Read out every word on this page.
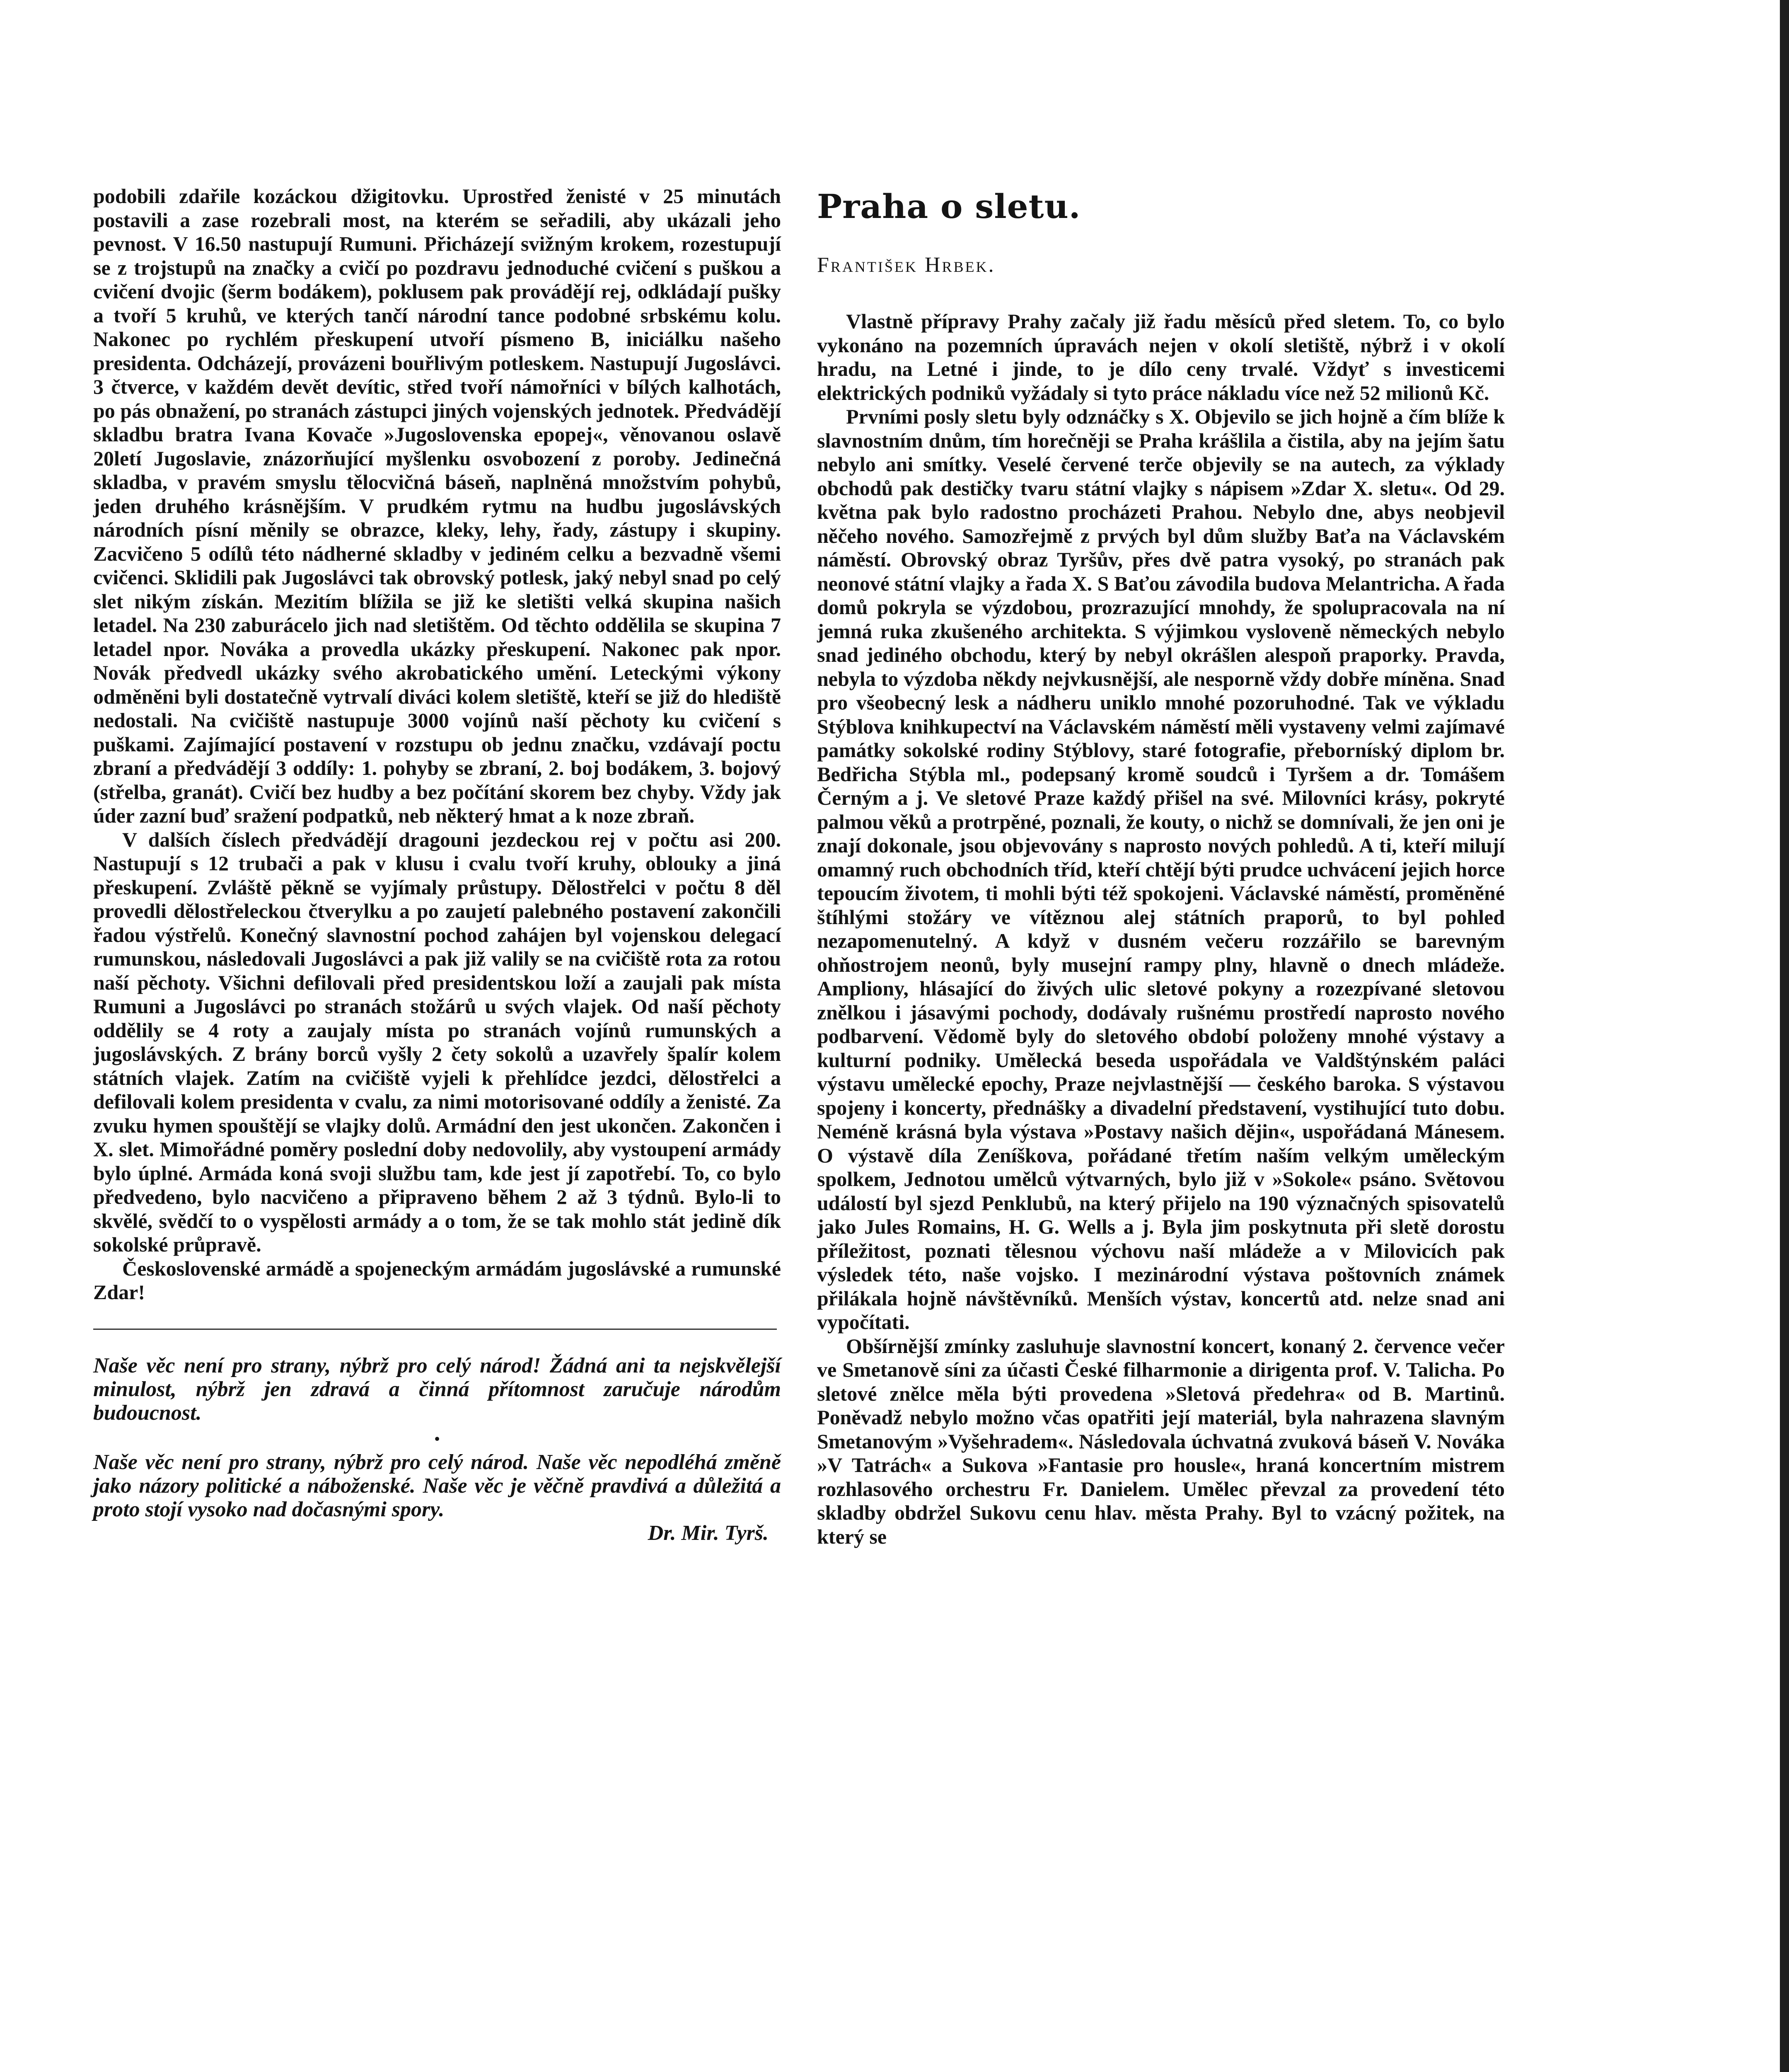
podobili zdařile kozáckou džigitovku. Uprostřed ženisté v 25 minutách postavili a zase rozebrali most, na kterém se seřadili, aby ukázali jeho pevnost. V 16.50 nastupují Rumuni. Přicházejí svižným krokem, rozestupují se z trojstupů na značky a cvičí po pozdravu jednoduché cvičení s puškou a cvičení dvojic (šerm bodákem), poklusem pak provádějí rej, odkládají pušky a tvoří 5 kruhů, ve kterých tančí národní tance podobné srbskému kolu. Nakonec po rychlém přeskupení utvoří písmeno B, iniciálku našeho presidenta. Odcházejí, provázeni bouřlivým potleskem. Nastupují Jugoslávci. 3 čtverce, v každém devět devític, střed tvoří námořníci v bílých kalhotách, po pás obnažení, po stranách zástupci jiných vojenských jednotek. Předvádějí skladbu bratra Ivana Kovače »Jugoslovenska epopej«, věnovanou oslavě 20letí Jugoslavie, znázorňující myšlenku osvobození z poroby. Jedinečná skladba, v pravém smyslu tělocvičná báseň, naplněná množstvím pohybů, jeden druhého krásnějším. V prudkém rytmu na hudbu jugoslávských národních písní měnily se obrazce, kleky, lehy, řady, zástupy i skupiny. Zacvičeno 5 odílů této nádherné skladby v jediném celku a bezvadně všemi cvičenci. Sklidili pak Jugoslávci tak obrovský potlesk, jaký nebyl snad po celý slet nikým získán. Mezitím blížila se již ke sletišti velká skupina našich letadel. Na 230 zaburácelo jich nad sletištěm. Od těchto oddělila se skupina 7 letadel npor. Nováka a provedla ukázky přeskupení. Nakonec pak npor. Novák předvedl ukázky svého akrobatického umění. Leteckými výkony odměněni byli dostatečně vytrvalí diváci kolem sletiště, kteří se již do hlediště nedostali. Na cvičiště nastupuje 3000 vojínů naší pěchoty ku cvičení s puškami. Zajímající postavení v rozstupu ob jednu značku, vzdávají poctu zbraní a předvádějí 3 oddíly: 1. pohyby se zbraní, 2. boj bodákem, 3. bojový (střelba, granát). Cvičí bez hudby a bez počítání skorem bez chyby. Vždy jak úder zazní buď sražení podpatků, neb některý hmat a k noze zbraň.

V dalších číslech předvádějí dragouni jezdeckou rej v počtu asi 200. Nastupují s 12 trubači a pak v klusu i cvalu tvoří kruhy, oblouky a jiná přeskupení. Zvláště pěkně se vyjímaly průstupy. Dělostřelci v počtu 8 děl provedli dělostřeleckou čtverylku a po zaujetí palebného postavení zakončili řadou výstřelů. Konečný slavnostní pochod zahájen byl vojenskou delegací rumunskou, následovali Jugoslávci a pak již valily se na cvičiště rota za rotou naší pěchoty. Všichni defilovali před presidentskou loží a zaujali pak místa Rumuni a Jugoslávci po stranách stožárů u svých vlajek. Od naší pěchoty oddělily se 4 roty a zaujaly místa po stranách vojínů rumunských a jugoslávských. Z brány borců vyšly 2 čety sokolů a uzavřely špalír kolem státních vlajek. Zatím na cvičiště vyjeli k přehlídce jezdci, dělostřelci a defilovali kolem presidenta v cvalu, za nimi motorisované oddíly a ženisté. Za zvuku hymen spouštějí se vlajky dolů. Armádní den jest ukončen. Zakončen i X. slet. Mimořádné poměry poslední doby nedovolily, aby vystoupení armády bylo úplné. Armáda koná svoji službu tam, kde jest jí zapotřebí. To, co bylo předvedeno, bylo nacvičeno a připraveno během 2 až 3 týdnů. Bylo-li to skvělé, svědčí to o vyspělosti armády a o tom, že se tak mohlo stát jedině dík sokolské průpravě.

Československé armádě a spojeneckým armádám jugoslávské a rumunské Zdar!

Naše věc není pro strany, nýbrž pro celý národ! Žádná ani ta nejskvělejší minulost, nýbrž jen zdravá a činná přítomnost zaručuje národům budoucnost.

•

Naše věc není pro strany, nýbrž pro celý národ. Naše věc nepodléhá změně jako názory politické a náboženské. Naše věc je věčně pravdivá a důležitá a proto stojí vysoko nad dočasnými spory.

Dr. Mir. Tyrš.

Praha o sletu.

František Hrbek.

Vlastně přípravy Prahy začaly již řadu měsíců před sletem. To, co bylo vykonáno na pozemních úpravách nejen v okolí sletiště, nýbrž i v okolí hradu, na Letné i jinde, to je dílo ceny trvalé. Vždyť s investicemi elektrických podniků vyžádaly si tyto práce nákladu více než 52 milionů Kč.

Prvními posly sletu byly odznáčky s X. Objevilo se jich hojně a čím blíže k slavnostním dnům, tím horečněji se Praha krášlila a čistila, aby na jejím šatu nebylo ani smítky. Veselé červené terče objevily se na autech, za výklady obchodů pak destičky tvaru státní vlajky s nápisem »Zdar X. sletu«. Od 29. května pak bylo radostno procházeti Prahou. Nebylo dne, abys neobjevil něčeho nového. Samozřejmě z prvých byl dům služby Baťa na Václavském náměstí. Obrovský obraz Tyršův, přes dvě patra vysoký, po stranách pak neonové státní vlajky a řada X. S Baťou závodila budova Melantricha. A řada domů pokryla se výzdobou, prozrazující mnohdy, že spolupracovala na ní jemná ruka zkušeného architekta. S výjimkou vysloveně německých nebylo snad jediného obchodu, který by nebyl okrášlen alespoň praporky. Pravda, nebyla to výzdoba někdy nejvkusnější, ale nesporně vždy dobře míněna. Snad pro všeobecný lesk a nádheru uniklo mnohé pozoruhodné. Tak ve výkladu Stýblova knihkupectví na Václavském náměstí měli vystaveny velmi zajímavé památky sokolské rodiny Stýblovy, staré fotografie, přeborníský diplom br. Bedřicha Stýbla ml., podepsaný kromě soudců i Tyršem a dr. Tomášem Černým a j. Ve sletové Praze každý přišel na své. Milovníci krásy, pokryté palmou věků a protrpěné, poznali, že kouty, o nichž se domnívali, že jen oni je znají dokonale, jsou objevovány s naprosto nových pohledů. A ti, kteří milují omamný ruch obchodních tříd, kteří chtějí býti prudce uchvácení jejich horce tepoucím životem, ti mohli býti též spokojeni. Václavské náměstí, proměněné štíhlými stožáry ve vítěznou alej státních praporů, to byl pohled nezapomenutelný. A když v dusném večeru rozzářilo se barevným ohňostrojem neonů, byly musejní rampy plny, hlavně o dnech mládeže. Ampliony, hlásající do živých ulic sletové pokyny a rozezpívané sletovou znělkou i jásavými pochody, dodávaly rušnému prostředí naprosto nového podbarvení. Vědomě byly do sletového období položeny mnohé výstavy a kulturní podniky. Umělecká beseda uspořádala ve Valdštýnském paláci výstavu umělecké epochy, Praze nejvlastnější — českého baroka. S výstavou spojeny i koncerty, přednášky a divadelní představení, vystihující tuto dobu. Neméně krásná byla výstava »Postavy našich dějin«, uspořádaná Mánesem. O výstavě díla Zeníškova, pořádané třetím naším velkým uměleckým spolkem, Jednotou umělců výtvarných, bylo již v »Sokole« psáno. Světovou událostí byl sjezd Penklubů, na který přijelo na 190 význačných spisovatelů jako Jules Romains, H. G. Wells a j. Byla jim poskytnuta při sletě dorostu příležitost, poznati tělesnou výchovu naší mládeže a v Milovicích pak výsledek této, naše vojsko. I mezinárodní výstava poštovních známek přilákala hojně návštěvníků. Menších výstav, koncertů atd. nelze snad ani vypočítati.

Obšírnější zmínky zasluhuje slavnostní koncert, konaný 2. července večer ve Smetanově síni za účasti České filharmonie a dirigenta prof. V. Talicha. Po sletové znělce měla býti provedena »Sletová předehra« od B. Martinů. Poněvadž nebylo možno včas opatřiti její materiál, byla nahrazena slavným Smetanovým »Vyšehradem«. Následovala úchvatná zvuková báseň V. Nováka »V Tatrách« a Sukova »Fantasie pro housle«, hraná koncertním mistrem rozhlasového orchestru Fr. Danielem. Umělec převzal za provedení této skladby obdržel Sukovu cenu hlav. města Prahy. Byl to vzácný požitek, na který se
